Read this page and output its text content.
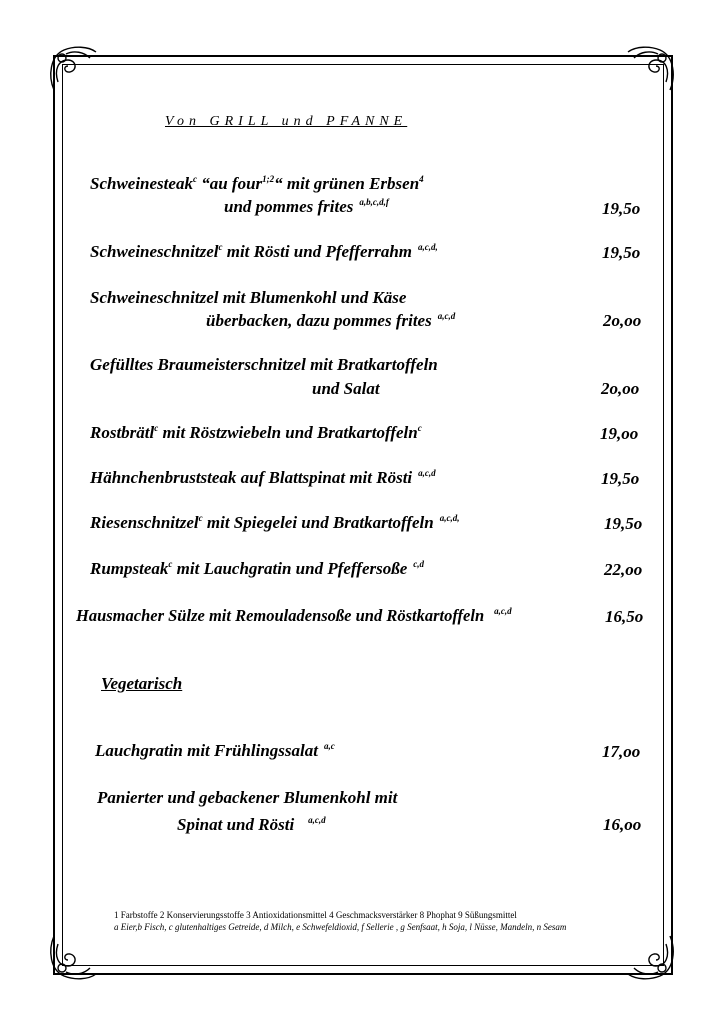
Von GRILL und PFANNE
Schweinesteak$^c$ “au four$^{1;2}$“ mit grünen Erbsen$^4$
und pommes frites $^{a,b,c,d,f}$	19,5o
Schweineschnitzel$^c$ mit Rösti und Pfefferrahm $^{a,c,d,}$	19,5o
Schweineschnitzel mit Blumenkohl und Käse
überbacken, dazu pommes frites $^{a,c,d}$	2o,oo
Gefülltes Braumeisterschnitzel mit Bratkartoffeln
und Salat	2o,oo
Rostbrätl$^c$ mit Röstzwiebeln und Bratkartoffeln$^c$	19,oo
Hähnchenbruststeak auf Blattspinat mit Rösti $^{a,c,d}$	19,5o
Riesenschnitzel$^c$ mit Spiegelei und Bratkartoffeln $^{a,c,d,}$	19,5o
Rumpsteak$^c$ mit Lauchgratin und Pfeffersoße $^{c,d}$	22,oo
Hausmacher Sülze mit Remouladensoße und Röstkartoffeln $^{a,c,d}$	16,5o
Vegetarisch
Lauchgratin mit Frühlingssalat $^{a,c}$	17,oo
Panierter und gebackener Blumenkohl mit
Spinat und Rösti $^{a,c,d}$	16,oo
1 Farbstoffe 2 Konservierungsstoffe 3 Antioxidationsmittel 4 Geschmacksverstärker 8 Phophat 9 Süßungsmittel
a Eier,b Fisch, c glutenhaltiges Getreide, d Milch, e Schwefeldioxid, f Sellerie , g Senfsaat, h Soja, l Nüsse, Mandeln, n Sesam
